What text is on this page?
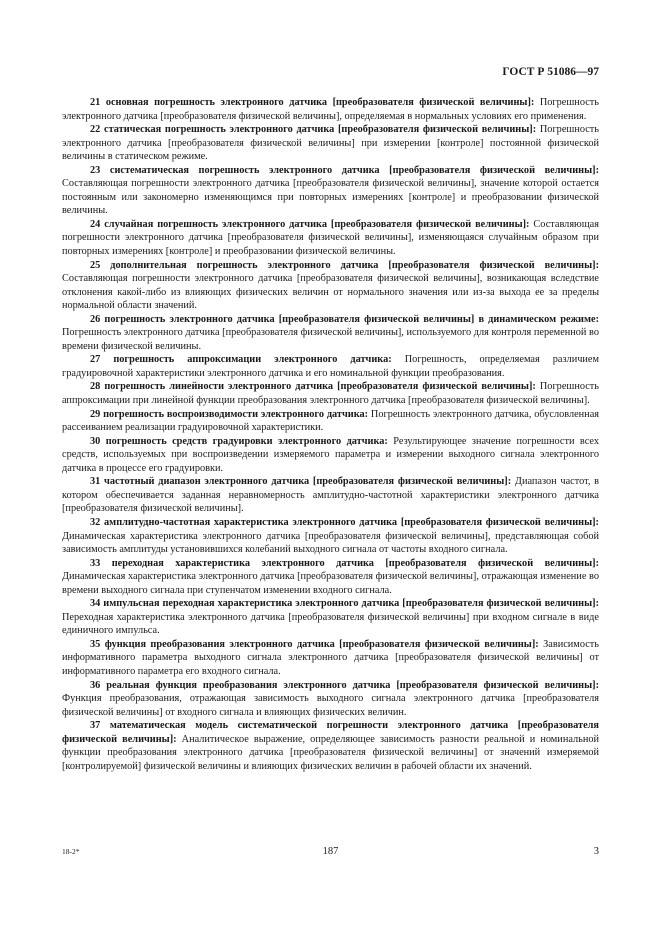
ГОСТ Р 51086—97

21 основная погрешность электронного датчика [преобразователя физической величины]: Погрешность электронного датчика [преобразователя физической величины], определяемая в нормальных условиях его применения.

22 статическая погрешность электронного датчика [преобразователя физической величины]: Погрешность электронного датчика [преобразователя физической величины] при измерении [контроле] постоянной физической величины в статическом режиме.

23 систематическая погрешность электронного датчика [преобразователя физической величины]: Составляющая погрешности электронного датчика [преобразователя физической величины], значение которой остается постоянным или закономерно изменяющимся при повторных измерениях [контроле] и преобразовании физической величины.

24 случайная погрешность электронного датчика [преобразователя физической величины]: Составляющая погрешности электронного датчика [преобразователя физической величины], изменяющаяся случайным образом при повторных измерениях [контроле] и преобразовании физической величины.

25 дополнительная погрешность электронного датчика [преобразователя физической величины]: Составляющая погрешности электронного датчика [преобразователя физической величины], возникающая вследствие отклонения какой-либо из влияющих физических величин от нормального значения или из-за выхода ее за пределы нормальной области значений.

26 погрешность электронного датчика [преобразователя физической величины] в динамическом режиме: Погрешность электронного датчика [преобразователя физической величины], используемого для контроля переменной во времени физической величины.

27 погрешность аппроксимации электронного датчика: Погрешность, определяемая различием градуировочной характеристики электронного датчика и его номинальной функции преобразования.

28 погрешность линейности электронного датчика [преобразователя физической величины]: Погрешность аппроксимации при линейной функции преобразования электронного датчика [преобразователя физической величины].

29 погрешность воспроизводимости электронного датчика: Погрешность электронного датчика, обусловленная рассеиванием реализации градуировочной характеристики.

30 погрешность средств градуировки электронного датчика: Результирующее значение погрешности всех средств, используемых при воспроизведении измеряемого параметра и измерении выходного сигнала электронного датчика в процессе его градуировки.

31 частотный диапазон электронного датчика [преобразователя физической величины]: Диапазон частот, в котором обеспечивается заданная неравномерность амплитудно-частотной характеристики электронного датчика [преобразователя физической величины].

32 амплитудно-частотная характеристика электронного датчика [преобразователя физической величины]: Динамическая характеристика электронного датчика [преобразователя физической величины], представляющая собой зависимость амплитуды установившихся колебаний выходного сигнала от частоты входного сигнала.

33 переходная характеристика электронного датчика [преобразователя физической величины]: Динамическая характеристика электронного датчика [преобразователя физической величины], отражающая изменение во времени выходного сигнала при ступенчатом изменении входного сигнала.

34 импульсная переходная характеристика электронного датчика [преобразователя физической величины]: Переходная характеристика электронного датчика [преобразователя физической величины] при входном сигнале в виде единичного импульса.

35 функция преобразования электронного датчика [преобразователя физической величины]: Зависимость информативного параметра выходного сигнала электронного датчика [преобразователя физической величины] от информативного параметра его входного сигнала.

36 реальная функция преобразования электронного датчика [преобразователя физической величины]: Функция преобразования, отражающая зависимость выходного сигнала электронного датчика [преобразователя физической величины] от входного сигнала и влияющих физических величин.

37 математическая модель систематической погрешности электронного датчика [преобразователя физической величины]: Аналитическое выражение, определяющее зависимость разности реальной и номинальной функции преобразования электронного датчика [преобразователя физической величины] от значений измеряемой [контролируемой] физической величины и влияющих физических величин в рабочей области их значений.

18-2*	187	3
